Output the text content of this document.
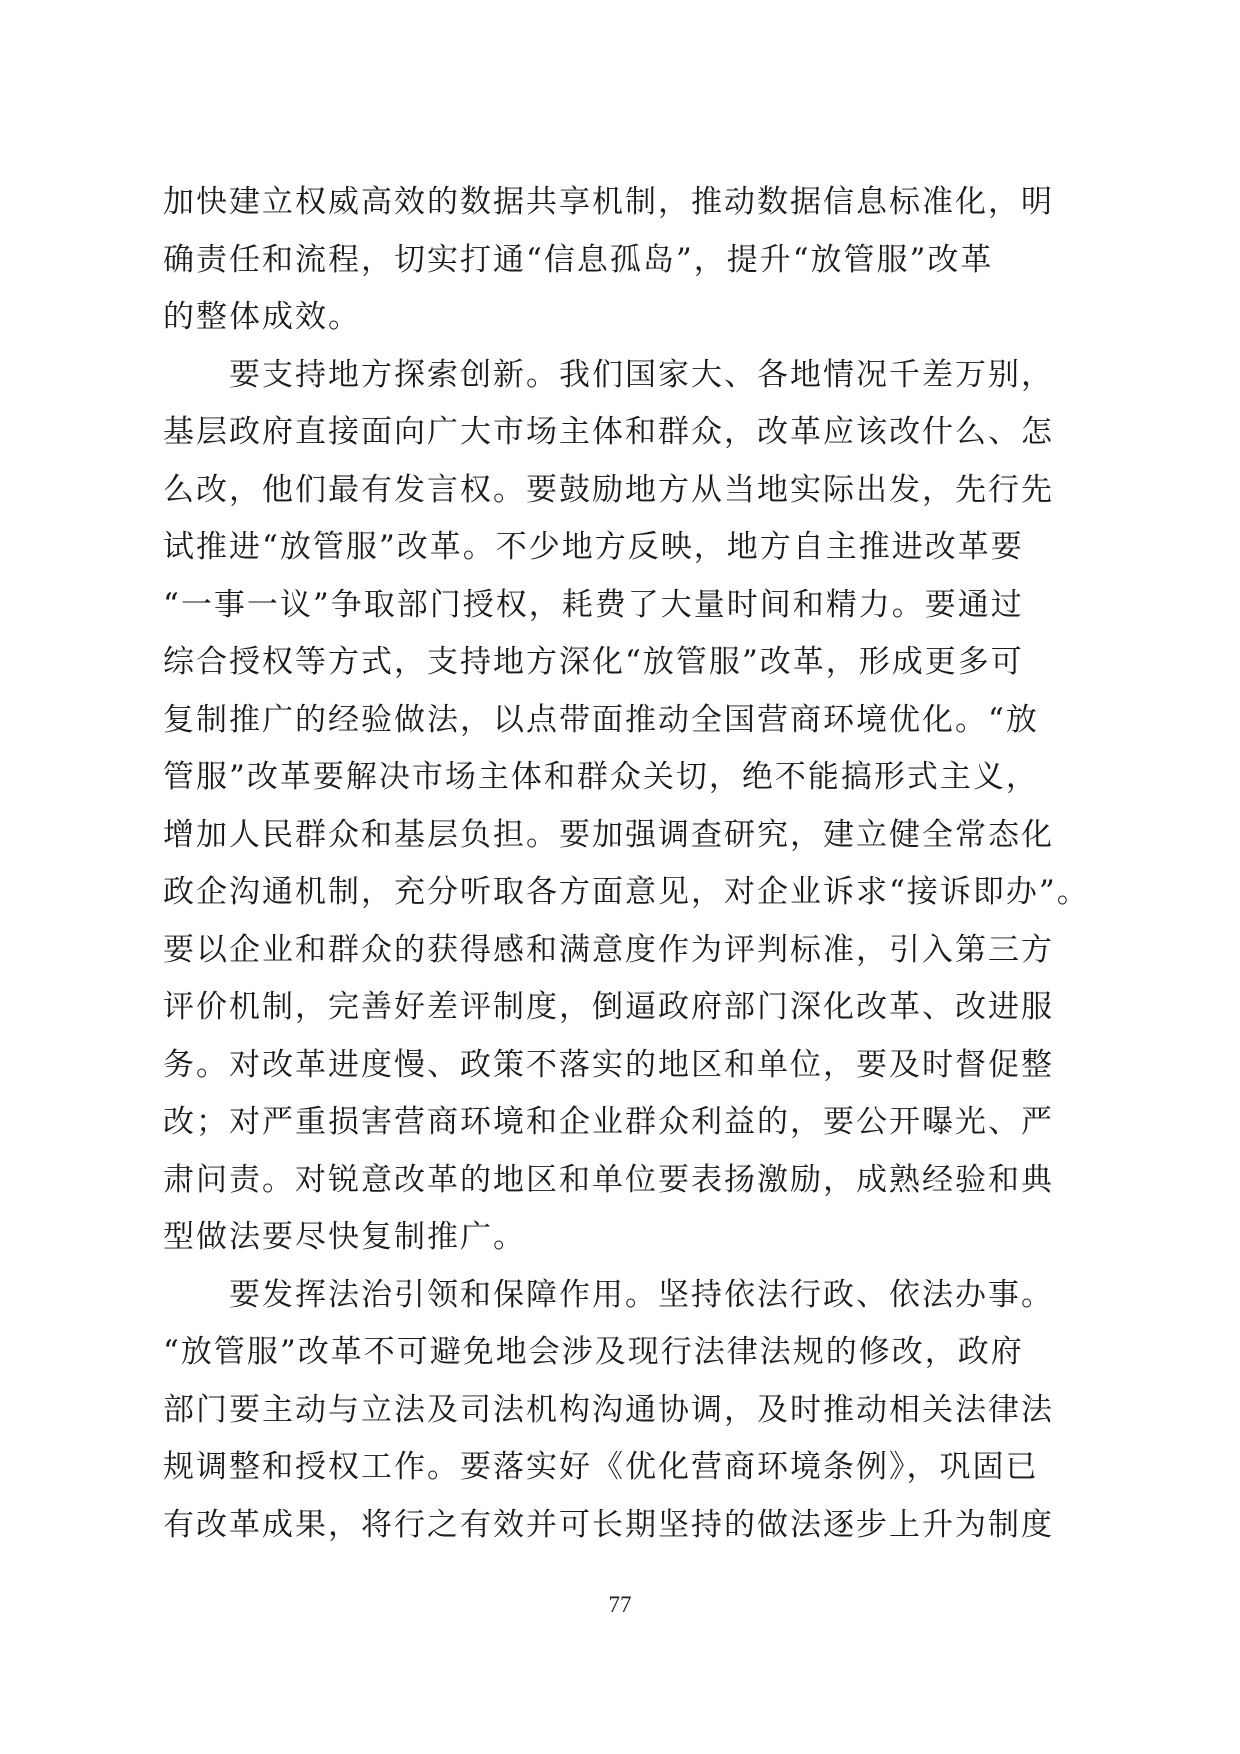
加快建立权威高效的数据共享机制，推动数据信息标准化，明
确责任和流程，切实打通“信息孤岛”，提升“放管服”改革
的整体成效。
要支持地方探索创新。我们国家大、各地情况千差万别，
基层政府直接面向广大市场主体和群众，改革应该改什么、怎
么改，他们最有发言权。要鼓励地方从当地实际出发，先行先
试推进“放管服”改革。不少地方反映，地方自主推进改革要
“一事一议”争取部门授权，耗费了大量时间和精力。要通过
综合授权等方式，支持地方深化“放管服”改革，形成更多可
复制推广的经验做法，以点带面推动全国营商环境优化。“放
管服”改革要解决市场主体和群众关切，绝不能搞形式主义，
增加人民群众和基层负担。要加强调查研究，建立健全常态化
政企沟通机制，充分听取各方面意见，对企业诉求“接诉即办”。
要以企业和群众的获得感和满意度作为评判标准，引入第三方
评价机制，完善好差评制度，倒逼政府部门深化改革、改进服
务。对改革进度慢、政策不落实的地区和单位，要及时督促整
改；对严重损害营商环境和企业群众利益的，要公开曝光、严
肃问责。对锐意改革的地区和单位要表扬激励，成熟经验和典
型做法要尽快复制推广。
要发挥法治引领和保障作用。坚持依法行政、依法办事。
“放管服”改革不可避免地会涉及现行法律法规的修改，政府
部门要主动与立法及司法机构沟通协调，及时推动相关法律法
规调整和授权工作。要落实好《优化营商环境条例》，巩固已
有改革成果，将行之有效并可长期坚持的做法逐步上升为制度
77
